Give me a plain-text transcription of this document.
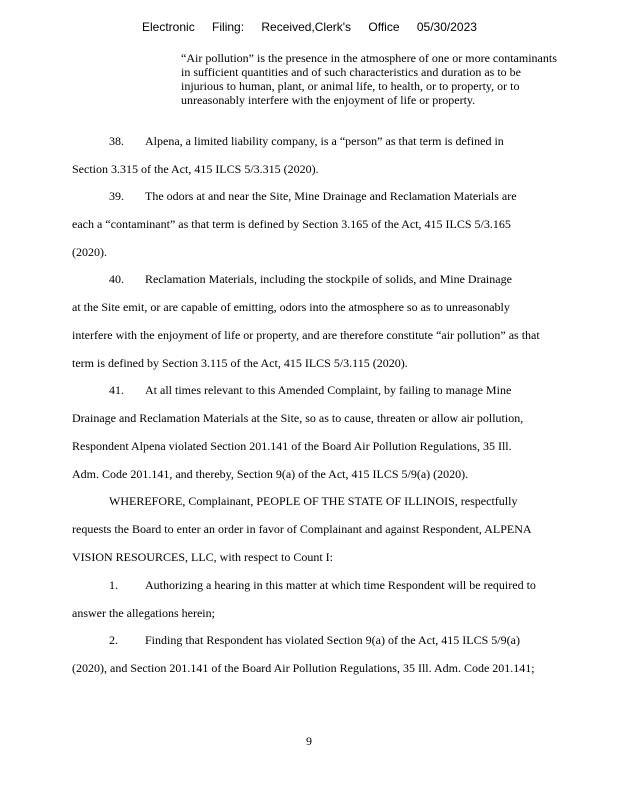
Electronic Filing: Received,Clerk's Office 05/30/2023
“Air pollution” is the presence in the atmosphere of one or more contaminants in sufficient quantities and of such characteristics and duration as to be injurious to human, plant, or animal life, to health, or to property, or to unreasonably interfere with the enjoyment of life or property.
38. Alpena, a limited liability company, is a “person” as that term is defined in
Section 3.315 of the Act, 415 ILCS 5/3.315 (2020).
39. The odors at and near the Site, Mine Drainage and Reclamation Materials are
each a “contaminant” as that term is defined by Section 3.165 of the Act, 415 ILCS 5/3.165
(2020).
40. Reclamation Materials, including the stockpile of solids, and Mine Drainage
at the Site emit, or are capable of emitting, odors into the atmosphere so as to unreasonably
interfere with the enjoyment of life or property, and are therefore constitute “air pollution” as that
term is defined by Section 3.115 of the Act, 415 ILCS 5/3.115 (2020).
41. At all times relevant to this Amended Complaint, by failing to manage Mine
Drainage and Reclamation Materials at the Site, so as to cause, threaten or allow air pollution,
Respondent Alpena violated Section 201.141 of the Board Air Pollution Regulations, 35 Ill.
Adm. Code 201.141, and thereby, Section 9(a) of the Act, 415 ILCS 5/9(a) (2020).
WHEREFORE, Complainant, PEOPLE OF THE STATE OF ILLINOIS, respectfully
requests the Board to enter an order in favor of Complainant and against Respondent, ALPENA
VISION RESOURCES, LLC, with respect to Count I:
1. Authorizing a hearing in this matter at which time Respondent will be required to
answer the allegations herein;
2. Finding that Respondent has violated Section 9(a) of the Act, 415 ILCS 5/9(a)
(2020), and Section 201.141 of the Board Air Pollution Regulations, 35 Ill. Adm. Code 201.141;
9
